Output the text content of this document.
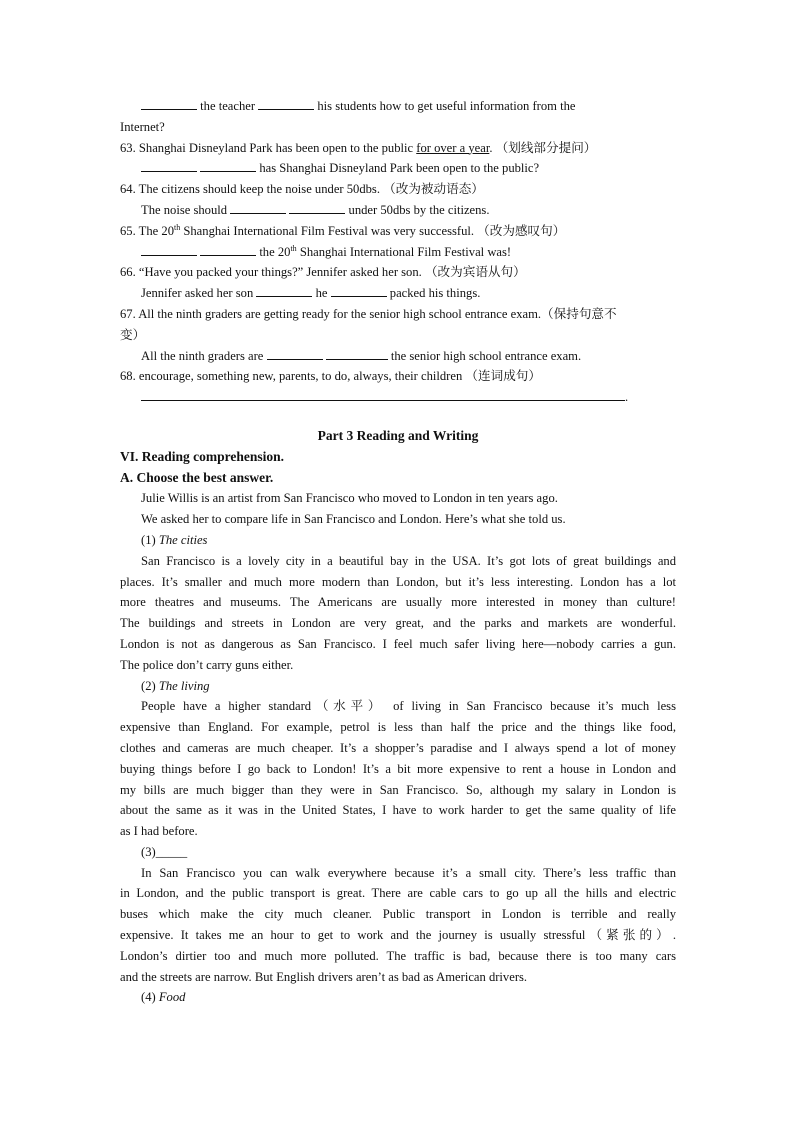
the teacher	his students how to get useful information from the
Internet?
63. Shanghai Disneyland Park has been open to the public for over a year. （划线部分提问）
has Shanghai Disneyland Park been open to the public?
64. The citizens should keep the noise under 50dbs. （改为被动语态）
The noise should	under 50dbs by the citizens.
65. The 20th Shanghai International Film Festival was very successful. （改为感叹句）
the 20th Shanghai International Film Festival was!
66. “Have you packed your things?” Jennifer asked her son. （改为宾语从句）
Jennifer asked her son	he	packed his things.
67. All the ninth graders are getting ready for the senior high school entrance exam.（保持句意不
变）
All the ninth graders are	the senior high school entrance exam.
68. encourage, something new, parents, to do, always, their children （连词成句）
.
Part 3 Reading and Writing
VI. Reading comprehension.
A. Choose the best answer.
Julie Willis is an artist from San Francisco who moved to London in ten years ago.
We asked her to compare life in San Francisco and London. Here’s what she told us.
(1) The cities
San Francisco is a lovely city in a beautiful bay in the USA. It’s got lots of great buildings and
places. It’s smaller and much more modern than London, but it’s less interesting. London has a lot
more theatres and museums. The Americans are usually more interested in money than culture!
The buildings and streets in London are very great, and the parks and markets are wonderful.
London is not as dangerous as San Francisco. I feel much safer living here—nobody carries a gun.
The police don’t carry guns either.
(2) The living
People have a higher standard（水平） of living in San Francisco because it’s much less
expensive than England. For example, petrol is less than half the price and the things like food,
clothes and cameras are much cheaper. It’s a shopper’s paradise and I always spend a lot of money
buying things before I go back to London! It’s a bit more expensive to rent a house in London and
my bills are much bigger than they were in San Francisco. So, although my salary in London is
about the same as it was in the United States, I have to work harder to get the same quality of life
as I had before.
(3)_____
In San Francisco you can walk everywhere because it’s a small city. There’s less traffic than
in London, and the public transport is great. There are cable cars to go up all the hills and electric
buses which make the city much cleaner. Public transport in London is terrible and really
expensive. It takes me an hour to get to work and the journey is usually stressful（紧张的）.
London’s dirtier too and much more polluted. The traffic is bad, because there is too many cars
and the streets are narrow. But English drivers aren’t as bad as American drivers.
(4) Food
